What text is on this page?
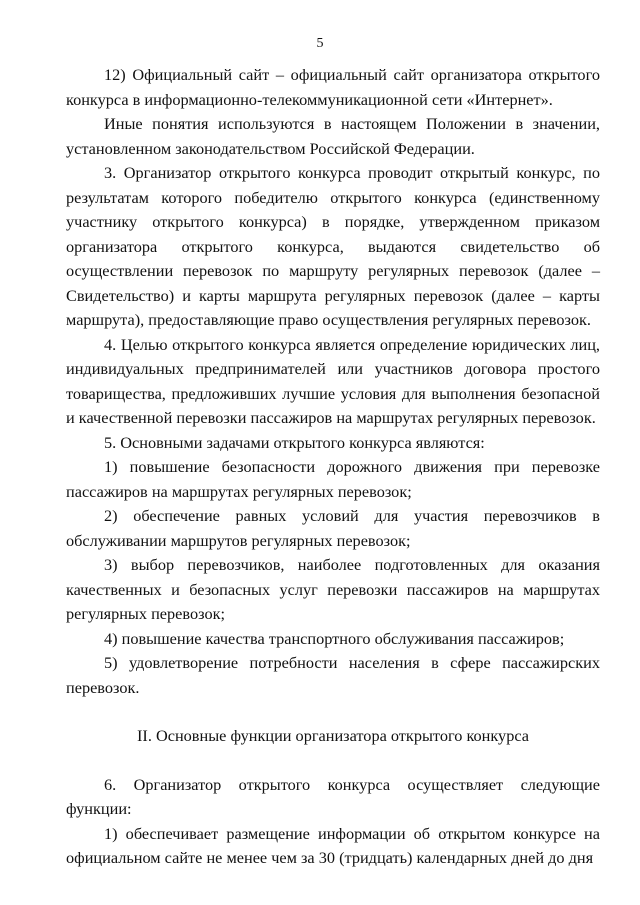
5

12) Официальный сайт – официальный сайт организатора открытого конкурса в информационно-телекоммуникационной сети «Интернет».

Иные понятия используются в настоящем Положении в значении, установленном законодательством Российской Федерации.

3. Организатор открытого конкурса проводит открытый конкурс, по результатам которого победителю открытого конкурса (единственному участнику открытого конкурса) в порядке, утвержденном приказом организатора открытого конкурса, выдаются свидетельство об осуществлении перевозок по маршруту регулярных перевозок (далее – Свидетельство) и карты маршрута регулярных перевозок (далее – карты маршрута), предоставляющие право осуществления регулярных перевозок.

4. Целью открытого конкурса является определение юридических лиц, индивидуальных предпринимателей или участников договора простого товарищества, предложивших лучшие условия для выполнения безопасной и качественной перевозки пассажиров на маршрутах регулярных перевозок.

5. Основными задачами открытого конкурса являются:

1) повышение безопасности дорожного движения при перевозке пассажиров на маршрутах регулярных перевозок;

2) обеспечение равных условий для участия перевозчиков в обслуживании маршрутов регулярных перевозок;

3) выбор перевозчиков, наиболее подготовленных для оказания качественных и безопасных услуг перевозки пассажиров на маршрутах регулярных перевозок;

4) повышение качества транспортного обслуживания пассажиров;

5) удовлетворение потребности населения в сфере пассажирских перевозок.

II. Основные функции организатора открытого конкурса

6. Организатор открытого конкурса осуществляет следующие функции:

1) обеспечивает размещение информации об открытом конкурсе на официальном сайте не менее чем за 30 (тридцать) календарных дней до дня
